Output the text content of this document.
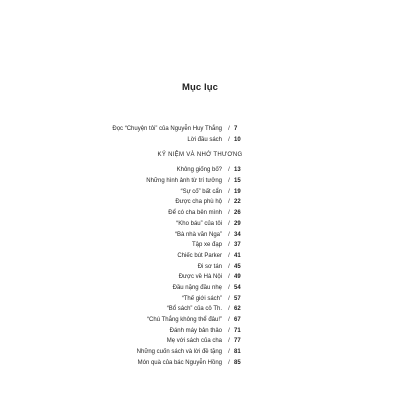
Mục lục
Đọc “Chuyện tôi” của Nguyễn Huy Thắng	/ 7
Lời đầu sách	/ 10
KỶ NIỆM VÀ NHỚ THƯƠNG
Không giống bố?	/ 13
Những hình ảnh từ trí tưởng	/ 15
“Sự cố” bất cẩn	/ 19
Được cha phù hộ	/ 22
Để có cha bên mình	/ 26
“Kho báu” của tôi	/ 29
“Bà nhà văn Nga”	/ 34
Tập xe đạp	/ 37
Chiếc bút Parker	/ 41
Đi sơ tán	/ 45
Được về Hà Nội	/ 49
Đầu nặng đầu nhẹ	/ 54
“Thế giới sách”	/ 57
“Bổ sách” của cô Th.	/ 62
“Chú Thắng không thể đâu!”	/ 67
Đánh máy bản thảo	/ 71
Mẹ với sách của cha	/ 77
Những cuốn sách và lời đề tặng	/ 81
Món quà của bác Nguyễn Hồng	/ 85
